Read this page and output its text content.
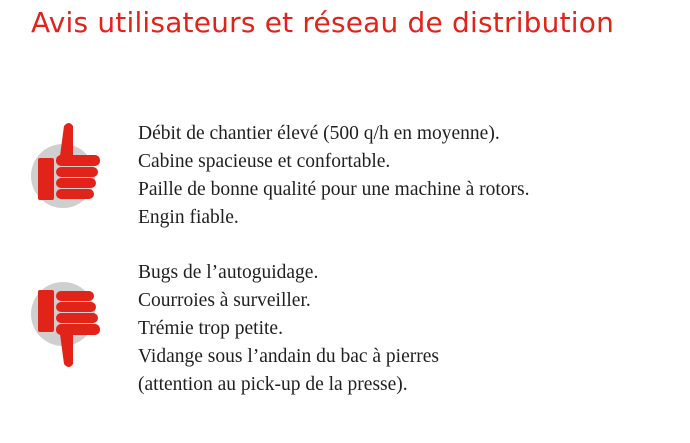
Avis utilisateurs et réseau de distribution
Débit de chantier élevé (500 q/h en moyenne).
Cabine spacieuse et confortable.
Paille de bonne qualité pour une machine à rotors.
Engin fiable.
Bugs de l’autoguidage.
Courroies à surveiller.
Trémie trop petite.
Vidange sous l’andain du bac à pierres
(attention au pick-up de la presse).
